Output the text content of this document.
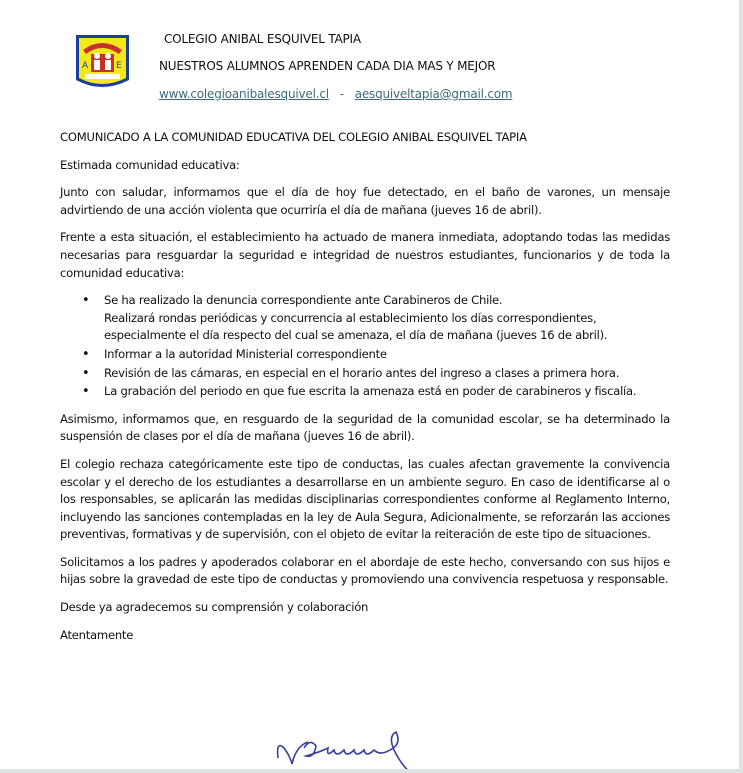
A	E
COLEGIO ANIBAL ESQUIVEL TAPIA
NUESTROS ALUMNOS APRENDEN CADA DIA MAS Y MEJOR
www.colegioanibalesquivel.cl - aesquiveltapia@gmail.com

COMUNICADO A LA COMUNIDAD EDUCATIVA DEL COLEGIO ANIBAL ESQUIVEL TAPIA

Estimada comunidad educativa:

Junto con saludar, informamos que el día de hoy fue detectado, en el baño de varones, un mensaje advirtiendo de una acción violenta que ocurriría el día de mañana (jueves 16 de abril).

Frente a esta situación, el establecimiento ha actuado de manera inmediata, adoptando todas las medidas necesarias para resguardar la seguridad e integridad de nuestros estudiantes, funcionarios y de toda la comunidad educativa:

• Se ha realizado la denuncia correspondiente ante Carabineros de Chile.
Realizará rondas periódicas y concurrencia al establecimiento los días correspondientes, especialmente el día respecto del cual se amenaza, el día de mañana (jueves 16 de abril).
• Informar a la autoridad Ministerial correspondiente
• Revisión de las cámaras, en especial en el horario antes del ingreso a clases a primera hora.
• La grabación del periodo en que fue escrita la amenaza está en poder de carabineros y fiscalía.

Asimismo, informamos que, en resguardo de la seguridad de la comunidad escolar, se ha determinado la suspensión de clases por el día de mañana (jueves 16 de abril).

El colegio rechaza categóricamente este tipo de conductas, las cuales afectan gravemente la convivencia escolar y el derecho de los estudiantes a desarrollarse en un ambiente seguro. En caso de identificarse al o los responsables, se aplicarán las medidas disciplinarias correspondientes conforme al Reglamento Interno, incluyendo las sanciones contempladas en la ley de Aula Segura, Adicionalmente, se reforzarán las acciones preventivas, formativas y de supervisión, con el objeto de evitar la reiteración de este tipo de situaciones.

Solicitamos a los padres y apoderados colaborar en el abordaje de este hecho, conversando con sus hijos e hijas sobre la gravedad de este tipo de conductas y promoviendo una convivencia respetuosa y responsable.

Desde ya agradecemos su comprensión y colaboración

Atentamente
